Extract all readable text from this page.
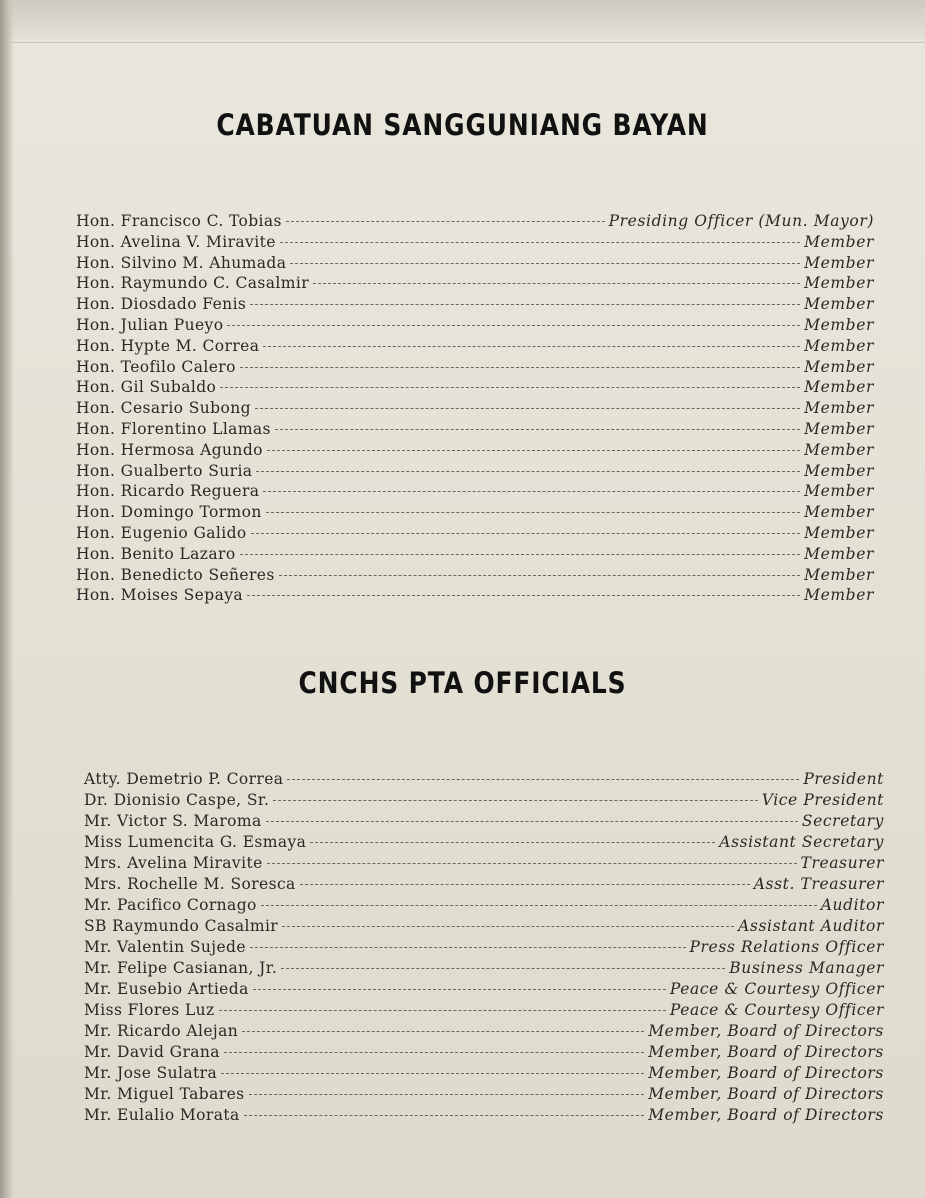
CABATUAN SANGGUNIANG BAYAN
Hon. Francisco C. Tobias	Presiding Officer (Mun. Mayor)
Hon. Avelina V. Miravite	Member
Hon. Silvino M. Ahumada	Member
Hon. Raymundo C. Casalmir	Member
Hon. Diosdado Fenis	Member
Hon. Julian Pueyo	Member
Hon. Hypte M. Correa	Member
Hon. Teofilo Calero	Member
Hon. Gil Subaldo	Member
Hon. Cesario Subong	Member
Hon. Florentino Llamas	Member
Hon. Hermosa Agundo	Member
Hon. Gualberto Suria	Member
Hon. Ricardo Reguera	Member
Hon. Domingo Tormon	Member
Hon. Eugenio Galido	Member
Hon. Benito Lazaro	Member
Hon. Benedicto Señeres	Member
Hon. Moises Sepaya	Member
CNCHS PTA OFFICIALS
Atty. Demetrio P. Correa	President
Dr. Dionisio Caspe, Sr.	Vice President
Mr. Victor S. Maroma	Secretary
Miss Lumencita G. Esmaya	Assistant Secretary
Mrs. Avelina Miravite	Treasurer
Mrs. Rochelle M. Soresca	Asst. Treasurer
Mr. Pacifico Cornago	Auditor
SB Raymundo Casalmir	Assistant Auditor
Mr. Valentin Sujede	Press Relations Officer
Mr. Felipe Casianan, Jr.	Business Manager
Mr. Eusebio Artieda	Peace & Courtesy Officer
Miss Flores Luz	Peace & Courtesy Officer
Mr. Ricardo Alejan	Member, Board of Directors
Mr. David Grana	Member, Board of Directors
Mr. Jose Sulatra	Member, Board of Directors
Mr. Miguel Tabares	Member, Board of Directors
Mr. Eulalio Morata	Member, Board of Directors
